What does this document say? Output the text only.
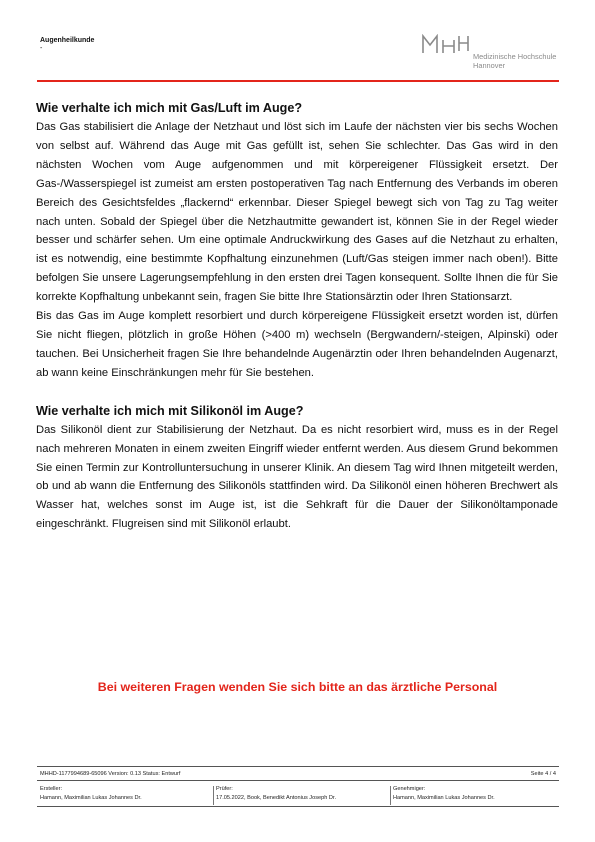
Augenheilkunde
-
Medizinische Hochschule
Hannover
Wie verhalte ich mich mit Gas/Luft im Auge?

Das Gas stabilisiert die Anlage der Netzhaut und löst sich im Laufe der nächsten vier bis sechs Wochen von selbst auf. Während das Auge mit Gas gefüllt ist, sehen Sie schlechter. Das Gas wird in den nächsten Wochen vom Auge aufgenommen und mit körpereigener Flüssigkeit ersetzt. Der Gas-/Wasserspiegel ist zumeist am ersten postoperativen Tag nach Entfernung des Verbands im oberen Bereich des Gesichtsfeldes „flackernd“ erkennbar. Dieser Spiegel bewegt sich von Tag zu Tag weiter nach unten. Sobald der Spiegel über die Netzhautmitte gewandert ist, können Sie in der Regel wieder besser und schärfer sehen. Um eine optimale Andruckwirkung des Gases auf die Netzhaut zu erhalten, ist es notwendig, eine bestimmte Kopfhaltung einzunehmen (Luft/Gas steigen immer nach oben!). Bitte befolgen Sie unsere Lagerungsempfehlung in den ersten drei Tagen konsequent. Sollte Ihnen die für Sie korrekte Kopfhaltung unbekannt sein, fragen Sie bitte Ihre Stationsärztin oder Ihren Stationsarzt.

Bis das Gas im Auge komplett resorbiert und durch körpereigene Flüssigkeit ersetzt worden ist, dürfen Sie nicht fliegen, plötzlich in große Höhen (>400 m) wechseln (Bergwandern/-steigen, Alpinski) oder tauchen. Bei Unsicherheit fragen Sie Ihre behandelnde Augenärztin oder Ihren behandelnden Augenarzt, ab wann keine Einschränkungen mehr für Sie bestehen.

Wie verhalte ich mich mit Silikonöl im Auge?

Das Silikonöl dient zur Stabilisierung der Netzhaut. Da es nicht resorbiert wird, muss es in der Regel nach mehreren Monaten in einem zweiten Eingriff wieder entfernt werden. Aus diesem Grund bekommen Sie einen Termin zur Kontrolluntersuchung in unserer Klinik. An diesem Tag wird Ihnen mitgeteilt werden, ob und ab wann die Entfernung des Silikonöls stattfinden wird. Da Silikonöl einen höheren Brechwert als Wasser hat, welches sonst im Auge ist, ist die Sehkraft für die Dauer der Silikonöltamponade eingeschränkt. Flugreisen sind mit Silikonöl erlaubt.

Bei weiteren Fragen wenden Sie sich bitte an das ärztliche Personal
MHHD-1177994689-65096 Version: 0.13 Status: Entwurf	Seite 4 / 4
Ersteller:
Hamann, Maximilian Lukas Johannes Dr.
Prüfer:
17.05.2022, Book, Benedikt Antonius Joseph Dr.
Genehmiger:
Hamann, Maximilian Lukas Johannes Dr.
